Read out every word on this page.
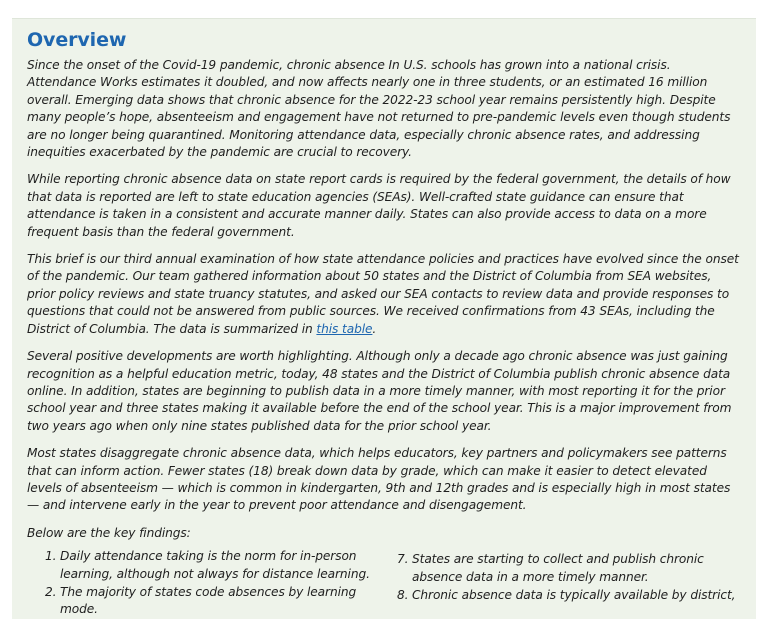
Overview

Since the onset of the Covid-19 pandemic, chronic absence In U.S. schools has grown into a national crisis. Attendance Works estimates it doubled, and now affects nearly one in three students, or an estimated 16 million overall. Emerging data shows that chronic absence for the 2022-23 school year remains persistently high. Despite many people’s hope, absenteeism and engagement have not returned to pre-pandemic levels even though students are no longer being quarantined. Monitoring attendance data, especially chronic absence rates, and addressing inequities exacerbated by the pandemic are crucial to recovery.

While reporting chronic absence data on state report cards is required by the federal government, the details of how that data is reported are left to state education agencies (SEAs). Well-crafted state guidance can ensure that attendance is taken in a consistent and accurate manner daily. States can also provide access to data on a more frequent basis than the federal government.

This brief is our third annual examination of how state attendance policies and practices have evolved since the onset of the pandemic. Our team gathered information about 50 states and the District of Columbia from SEA websites, prior policy reviews and state truancy statutes, and asked our SEA contacts to review data and provide responses to questions that could not be answered from public sources. We received confirmations from 43 SEAs, including the District of Columbia. The data is summarized in this table.

Several positive developments are worth highlighting. Although only a decade ago chronic absence was just gaining recognition as a helpful education metric, today, 48 states and the District of Columbia publish chronic absence data online. In addition, states are beginning to publish data in a more timely manner, with most reporting it for the prior school year and three states making it available before the end of the school year. This is a major improvement from two years ago when only nine states published data for the prior school year.

Most states disaggregate chronic absence data, which helps educators, key partners and policymakers see patterns that can inform action. Fewer states (18) break down data by grade, which can make it easier to detect elevated levels of absenteeism — which is common in kindergarten, 9th and 12th grades and is especially high in most states — and intervene early in the year to prevent poor attendance and disengagement.

Below are the key findings:

1. Daily attendance taking is the norm for in-person learning, although not always for distance learning.
2. The majority of states code absences by learning mode.
7. States are starting to collect and publish chronic absence data in a more timely manner.
8. Chronic absence data is typically available by district,
